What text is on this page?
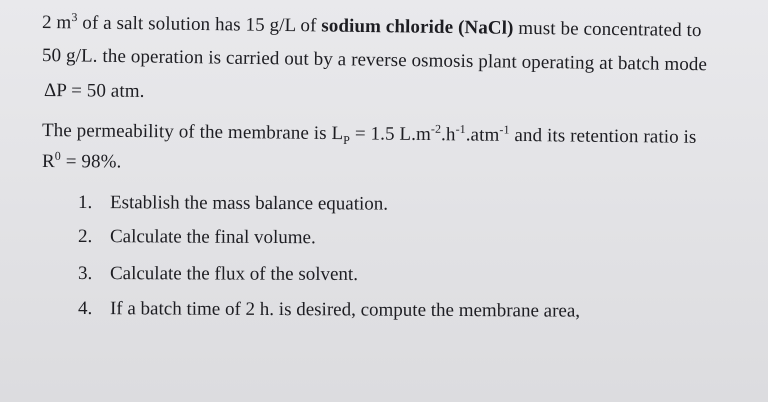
2 $m^3$ of a salt solution has 15 g/L of sodium chloride (NaCl) must be concentrated to
50 g/L. the operation is carried out by a reverse osmosis plant operating at batch mode
ΔP = 50 atm.
The permeability of the membrane is $L_P = 1.5$ $L.m^{-2}.h^{-1}.atm^{-1}$ and its retention ratio is
$R^0 = 98\%$.
1. Establish the mass balance equation.
2. Calculate the final volume.
3. Calculate the flux of the solvent.
4. If a batch time of 2 h. is desired, compute the membrane area,
